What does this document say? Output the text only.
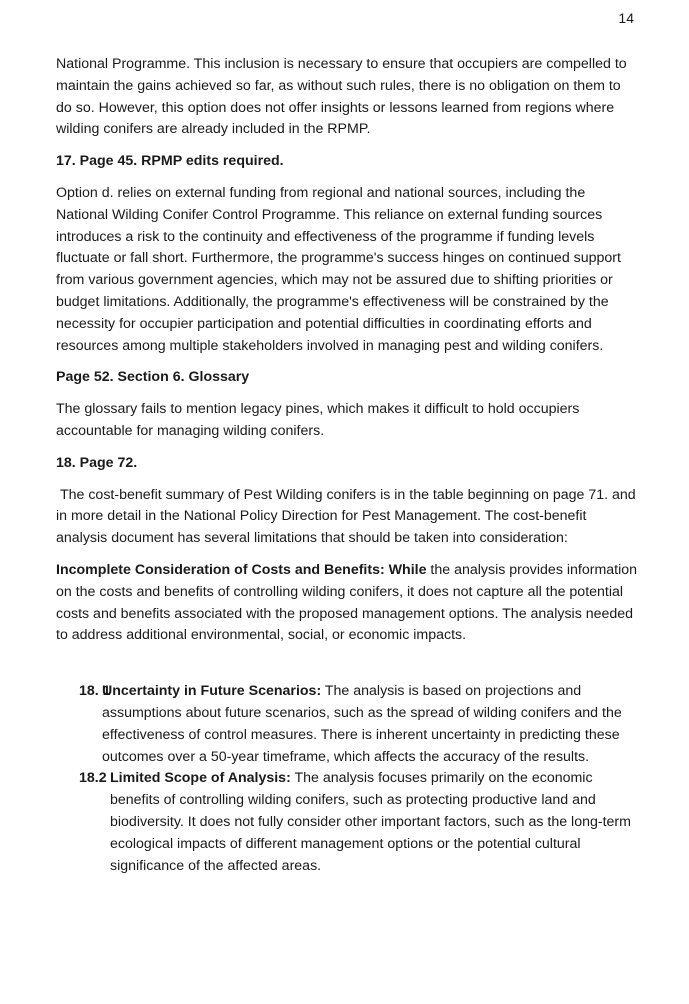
14

National Programme. This inclusion is necessary to ensure that occupiers are compelled to maintain the gains achieved so far, as without such rules, there is no obligation on them to do so. However, this option does not offer insights or lessons learned from regions where wilding conifers are already included in the RPMP.

17. Page 45. RPMP edits required.

Option d. relies on external funding from regional and national sources, including the National Wilding Conifer Control Programme. This reliance on external funding sources introduces a risk to the continuity and effectiveness of the programme if funding levels fluctuate or fall short. Furthermore, the programme's success hinges on continued support from various government agencies, which may not be assured due to shifting priorities or budget limitations. Additionally, the programme's effectiveness will be constrained by the necessity for occupier participation and potential difficulties in coordinating efforts and resources among multiple stakeholders involved in managing pest and wilding conifers.

Page 52. Section 6. Glossary

The glossary fails to mention legacy pines, which makes it difficult to hold occupiers accountable for managing wilding conifers.

18. Page 72.

The cost-benefit summary of Pest Wilding conifers is in the table beginning on page 71. and in more detail in the National Policy Direction for Pest Management. The cost-benefit analysis document has several limitations that should be taken into consideration:

Incomplete Consideration of Costs and Benefits: While the analysis provides information on the costs and benefits of controlling wilding conifers, it does not capture all the potential costs and benefits associated with the proposed management options. The analysis needed to address additional environmental, social, or economic impacts.

18. 1
Uncertainty in Future Scenarios: The analysis is based on projections and assumptions about future scenarios, such as the spread of wilding conifers and the effectiveness of control measures. There is inherent uncertainty in predicting these outcomes over a 50-year timeframe, which affects the accuracy of the results.
18.2 Limited Scope of Analysis: The analysis focuses primarily on the economic benefits of controlling wilding conifers, such as protecting productive land and biodiversity. It does not fully consider other important factors, such as the long-term ecological impacts of different management options or the potential cultural significance of the affected areas.
